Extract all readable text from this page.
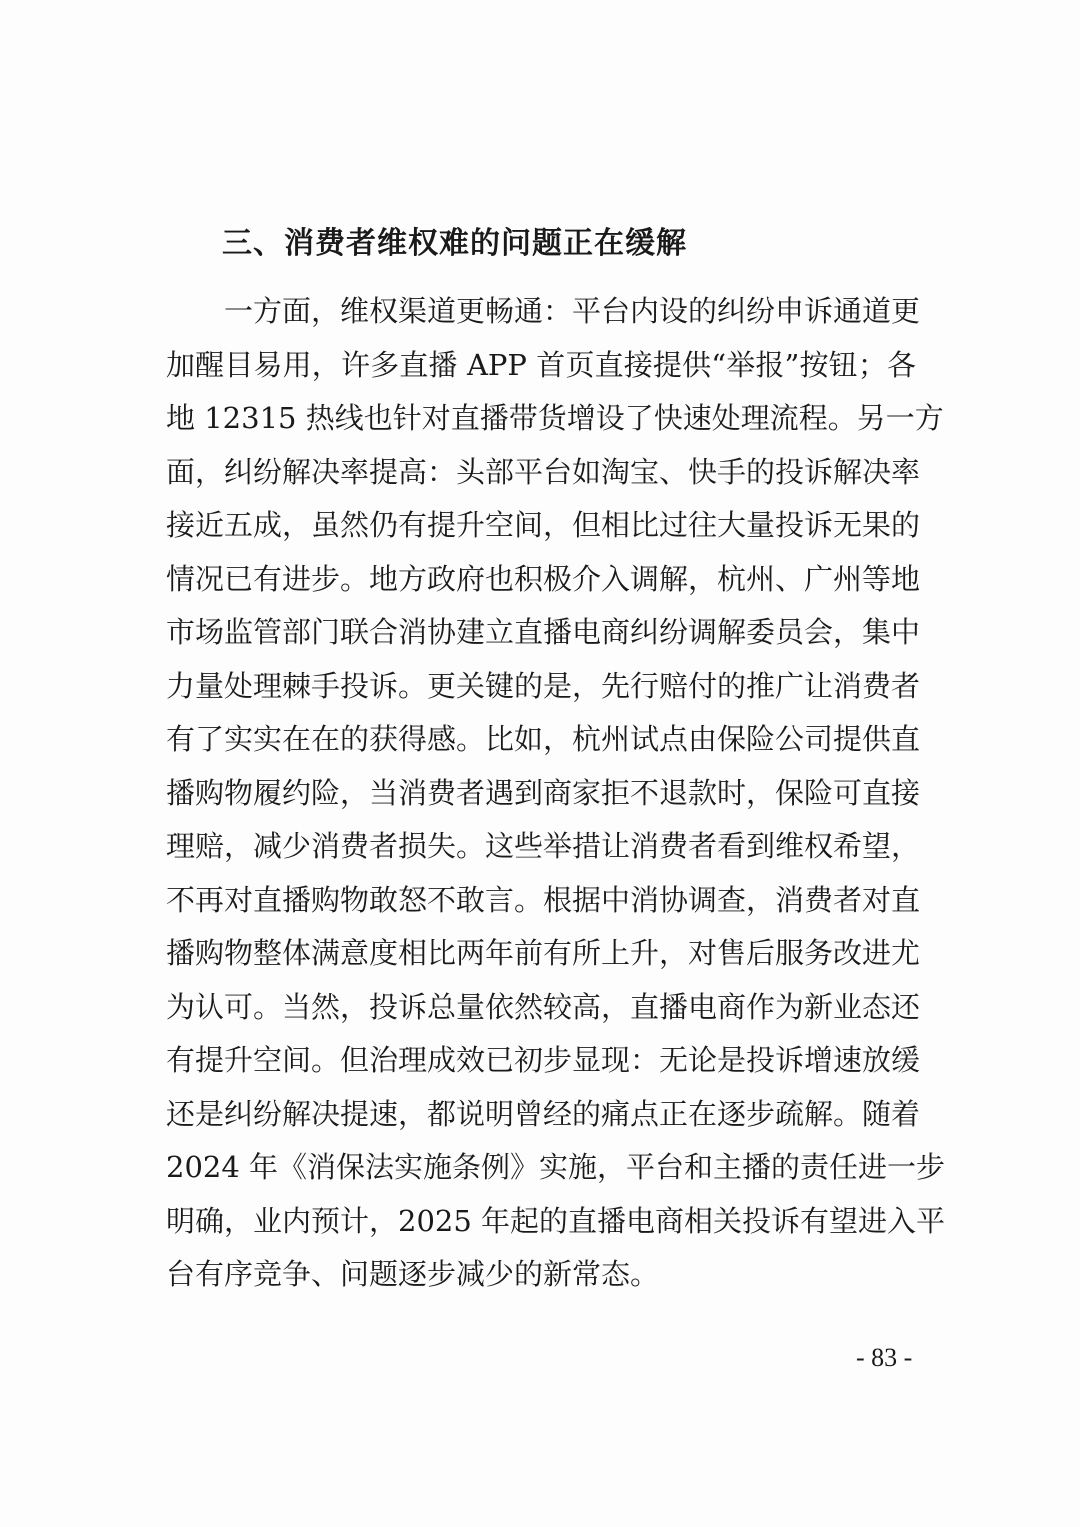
三、消费者维权难的问题正在缓解
一方面，维权渠道更畅通：平台内设的纠纷申诉通道更
加醒目易用，许多直播 APP 首页直接提供“举报”按钮；各
地 12315 热线也针对直播带货增设了快速处理流程。另一方
面，纠纷解决率提高：头部平台如淘宝、快手的投诉解决率
接近五成，虽然仍有提升空间，但相比过往大量投诉无果的
情况已有进步。地方政府也积极介入调解，杭州、广州等地
市场监管部门联合消协建立直播电商纠纷调解委员会，集中
力量处理棘手投诉。更关键的是，先行赔付的推广让消费者
有了实实在在的获得感。比如，杭州试点由保险公司提供直
播购物履约险，当消费者遇到商家拒不退款时，保险可直接
理赔，减少消费者损失。这些举措让消费者看到维权希望，
不再对直播购物敢怒不敢言。根据中消协调查，消费者对直
播购物整体满意度相比两年前有所上升，对售后服务改进尤
为认可。当然，投诉总量依然较高，直播电商作为新业态还
有提升空间。但治理成效已初步显现：无论是投诉增速放缓
还是纠纷解决提速，都说明曾经的痛点正在逐步疏解。随着
2024 年《消保法实施条例》实施，平台和主播的责任进一步
明确，业内预计，2025 年起的直播电商相关投诉有望进入平
台有序竞争、问题逐步减少的新常态。
- 83 -
